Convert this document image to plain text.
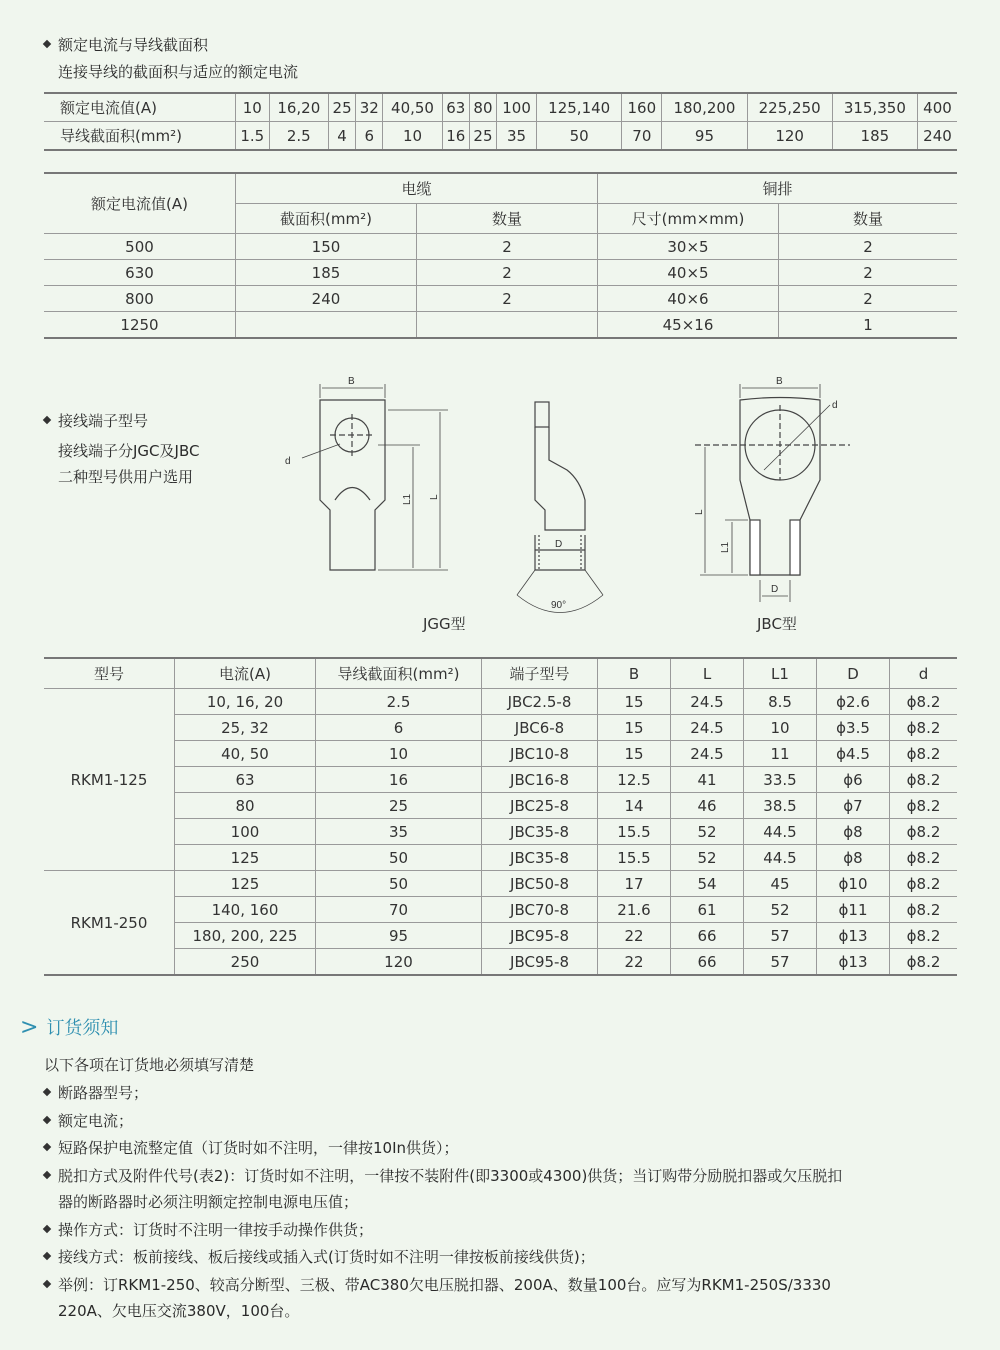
额定电流与导线截面积
连接导线的截面积与适应的额定电流
额定电流值(A)	10	16,20	25	32	40,50	63	80	100	125,140	160	180,200	225,250	315,350	400
导线截面积(mm²)	1.5	2.5	4	6	10	16	25	35	50	70	95	120	185	240
额定电流值(A)	电缆		铜排	
	截面积(mm²)	数量	尺寸(mm×mm)	数量
500	150	2	30×5	2
630	185	2	40×5	2
800	240	2	40×6	2
1250			45×16	1
接线端子型号
接线端子分JGC及JBC
二种型号供用户选用
B
d
L1 L
D
90°
B
d
L
L1
D
JGG型	JBC型
型号	电流(A)	导线截面积(mm²)	端子型号	B	L	L1	D	d
RKM1-125	10, 16, 20	2.5	JBC2.5-8	15	24.5	8.5	ϕ2.6	ϕ8.2
	25, 32	6	JBC6-8	15	24.5	10	ϕ3.5	ϕ8.2
	40, 50	10	JBC10-8	15	24.5	11	ϕ4.5	ϕ8.2
	63	16	JBC16-8	12.5	41	33.5	ϕ6	ϕ8.2
	80	25	JBC25-8	14	46	38.5	ϕ7	ϕ8.2
	100	35	JBC35-8	15.5	52	44.5	ϕ8	ϕ8.2
	125	50	JBC35-8	15.5	52	44.5	ϕ8	ϕ8.2
RKM1-250	125	50	JBC50-8	17	54	45	ϕ10	ϕ8.2
	140, 160	70	JBC70-8	21.6	61	52	ϕ11	ϕ8.2
	180, 200, 225	95	JBC95-8	22	66	57	ϕ13	ϕ8.2
	250	120	JBC95-8	22	66	57	ϕ13	ϕ8.2
> 订货须知
以下各项在订货地必须填写清楚
断路器型号；
额定电流；
短路保护电流整定值（订货时如不注明，一律按10In供货）；
脱扣方式及附件代号(表2)：订货时如不注明，一律按不装附件(即3300或4300)供货；当订购带分励脱扣器或欠压脱扣
器的断路器时必须注明额定控制电源电压值；
操作方式：订货时不注明一律按手动操作供货；
接线方式：板前接线、板后接线或插入式(订货时如不注明一律按板前接线供货)；
举例：订RKM1-250、较高分断型、三极、带AC380欠电压脱扣器、200A、数量100台。应写为RKM1-250S/3330
220A、欠电压交流380V，100台。
